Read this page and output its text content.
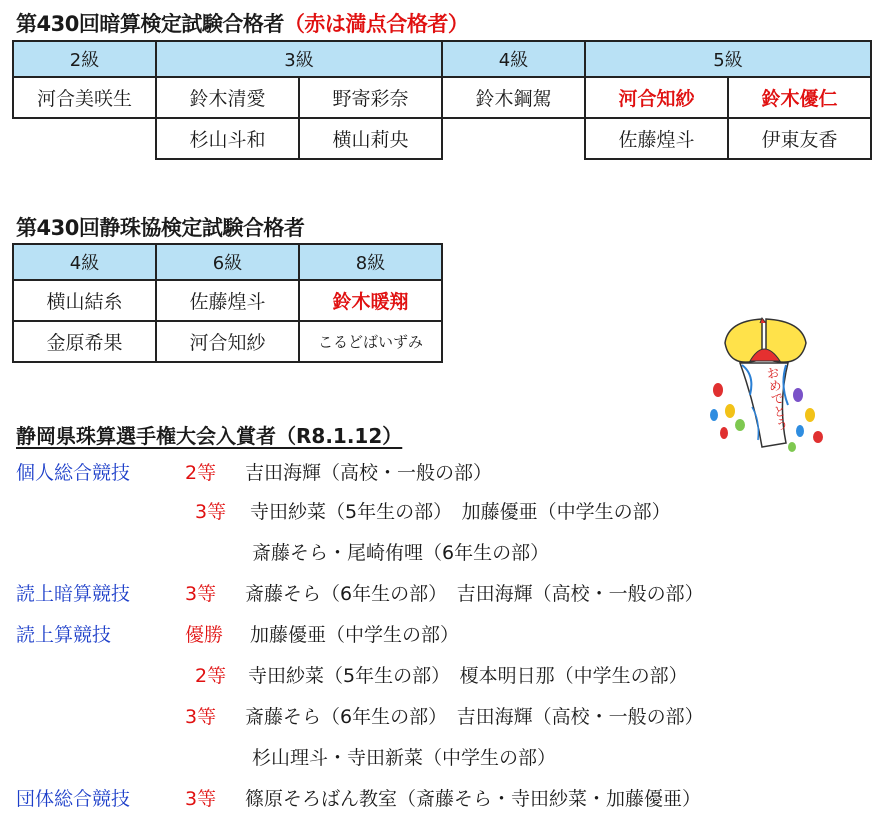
第430回暗算検定試験合格者（赤は満点合格者）
2級	3級		4級	5級	
河合美咲生	鈴木清愛	野寄彩奈	鈴木鋼駕	河合知紗	鈴木優仁
	杉山斗和	横山莉央		佐藤煌斗	伊東友香
第430回静珠協検定試験合格者
4級	6級	8級
横山結糸	佐藤煌斗	鈴木暖翔
金原希果	河合知紗	こるどばいずみ
おめでとう
静岡県珠算選手権大会入賞者（R8.1.12）
個人総合競技	2等 吉田海輝（高校・一般の部）
3等 寺田紗菜（5年生の部）　加藤優亜（中学生の部）
斎藤そら・尾崎侑哩（6年生の部）
読上暗算競技	3等 斎藤そら（6年生の部）　吉田海輝（高校・一般の部）
読上算競技	優勝 加藤優亜（中学生の部）
2等 寺田紗菜（5年生の部）　榎本明日那（中学生の部）
3等 斎藤そら（6年生の部）　吉田海輝（高校・一般の部）
杉山理斗・寺田新菜（中学生の部）
団体総合競技	3等 篠原そろばん教室（斎藤そら・寺田紗菜・加藤優亜）
